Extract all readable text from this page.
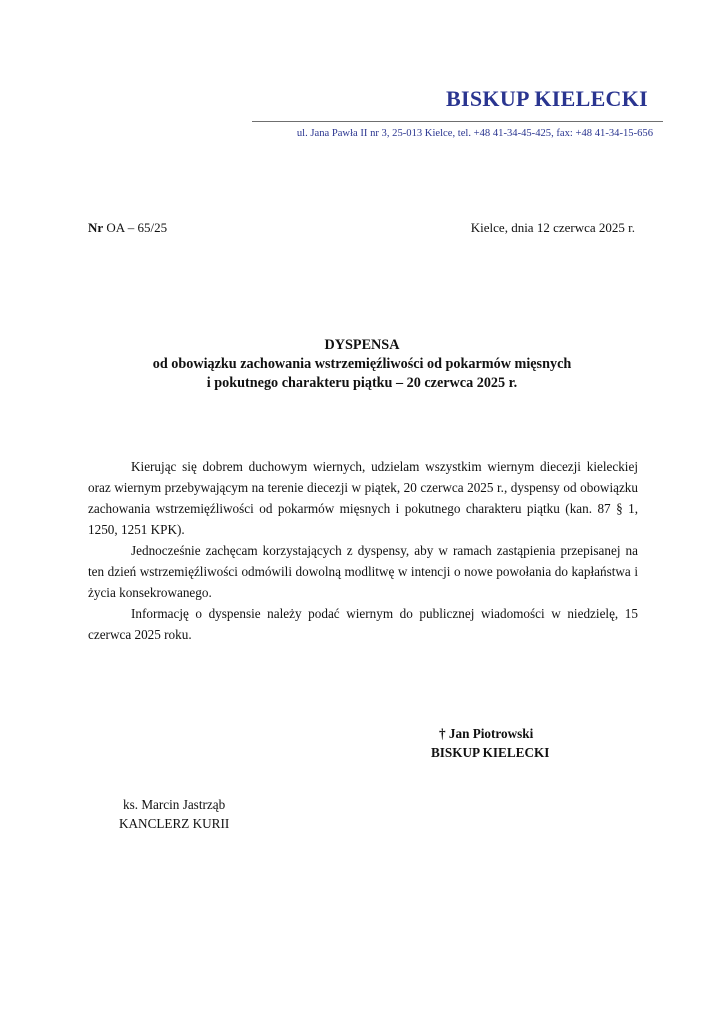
BISKUP KIELECKI
ul. Jana Pawła II nr 3, 25-013 Kielce, tel. +48 41-34-45-425, fax: +48 41-34-15-656
Nr OA – 65/25	Kielce, dnia 12 czerwca 2025 r.
DYSPENSA
od obowiązku zachowania wstrzemięźliwości od pokarmów mięsnych
i pokutnego charakteru piątku – 20 czerwca 2025 r.

Kierując się dobrem duchowym wiernych, udzielam wszystkim wiernym diecezji kieleckiej oraz wiernym przebywającym na terenie diecezji w piątek, 20 czerwca 2025 r., dyspensy od obowiązku zachowania wstrzemięźliwości od pokarmów mięsnych i pokutnego charakteru piątku (kan. 87 § 1, 1250, 1251 KPK).

Jednocześnie zachęcam korzystających z dyspensy, aby w ramach zastąpienia przepisanej na ten dzień wstrzemięźliwości odmówili dowolną modlitwę w intencji o nowe powołania do kapłaństwa i życia konsekrowanego.

Informację o dyspensie należy podać wiernym do publicznej wiadomości w niedzielę, 15 czerwca 2025 roku.

† Jan Piotrowski
BISKUP KIELECKI
ks. Marcin Jastrząb
KANCLERZ KURII
